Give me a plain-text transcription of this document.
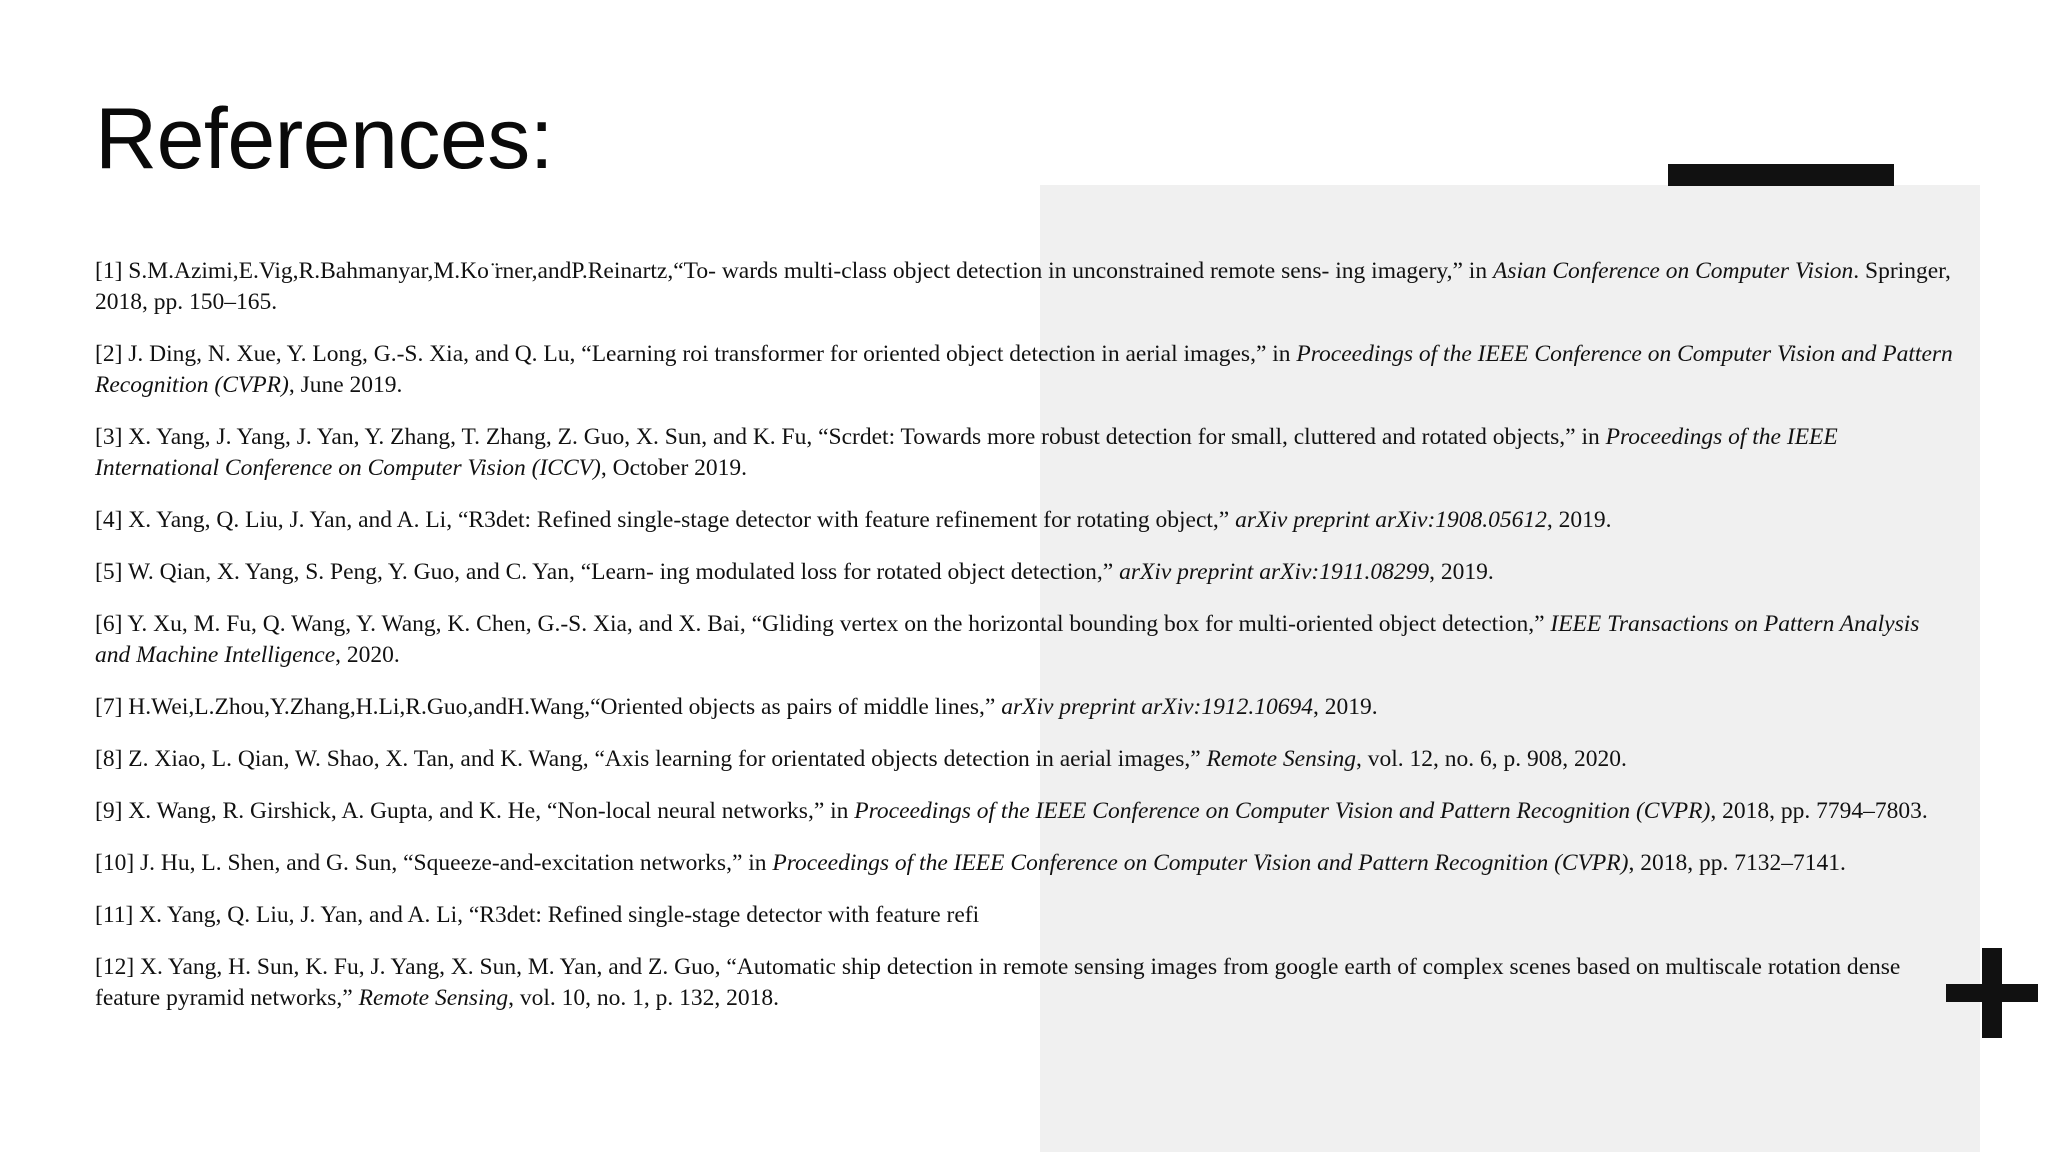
References:
[1] S.M.Azimi,E.Vig,R.Bahmanyar,M.Ko ̈rner,andP.Reinartz,“To- wards multi-class object detection in unconstrained remote sens- ing imagery,” in Asian Conference on Computer Vision. Springer, 2018, pp. 150–165.
[2] J. Ding, N. Xue, Y. Long, G.-S. Xia, and Q. Lu, “Learning roi transformer for oriented object detection in aerial images,” in Proceedings of the IEEE Conference on Computer Vision and Pattern Recognition (CVPR), June 2019.
[3] X. Yang, J. Yang, J. Yan, Y. Zhang, T. Zhang, Z. Guo, X. Sun, and K. Fu, “Scrdet: Towards more robust detection for small, cluttered and rotated objects,” in Proceedings of the IEEE International Conference on Computer Vision (ICCV), October 2019.
[4] X. Yang, Q. Liu, J. Yan, and A. Li, “R3det: Refined single-stage detector with feature refinement for rotating object,” arXiv preprint arXiv:1908.05612, 2019.
[5] W. Qian, X. Yang, S. Peng, Y. Guo, and C. Yan, “Learn- ing modulated loss for rotated object detection,” arXiv preprint arXiv:1911.08299, 2019.
[6] Y. Xu, M. Fu, Q. Wang, Y. Wang, K. Chen, G.-S. Xia, and X. Bai, “Gliding vertex on the horizontal bounding box for multi-oriented object detection,” IEEE Transactions on Pattern Analysis and Machine Intelligence, 2020.
[7] H.Wei,L.Zhou,Y.Zhang,H.Li,R.Guo,andH.Wang,“Oriented objects as pairs of middle lines,” arXiv preprint arXiv:1912.10694, 2019.
[8] Z. Xiao, L. Qian, W. Shao, X. Tan, and K. Wang, “Axis learning for orientated objects detection in aerial images,” Remote Sensing, vol. 12, no. 6, p. 908, 2020.
[9] X. Wang, R. Girshick, A. Gupta, and K. He, “Non-local neural networks,” in Proceedings of the IEEE Conference on Computer Vision and Pattern Recognition (CVPR), 2018, pp. 7794–7803.
[10] J. Hu, L. Shen, and G. Sun, “Squeeze-and-excitation networks,” in Proceedings of the IEEE Conference on Computer Vision and Pattern Recognition (CVPR), 2018, pp. 7132–7141.
[11] X. Yang, Q. Liu, J. Yan, and A. Li, “R3det: Refined single-stage detector with feature refi
[12] X. Yang, H. Sun, K. Fu, J. Yang, X. Sun, M. Yan, and Z. Guo, “Automatic ship detection in remote sensing images from google earth of complex scenes based on multiscale rotation dense feature pyramid networks,” Remote Sensing, vol. 10, no. 1, p. 132, 2018.
